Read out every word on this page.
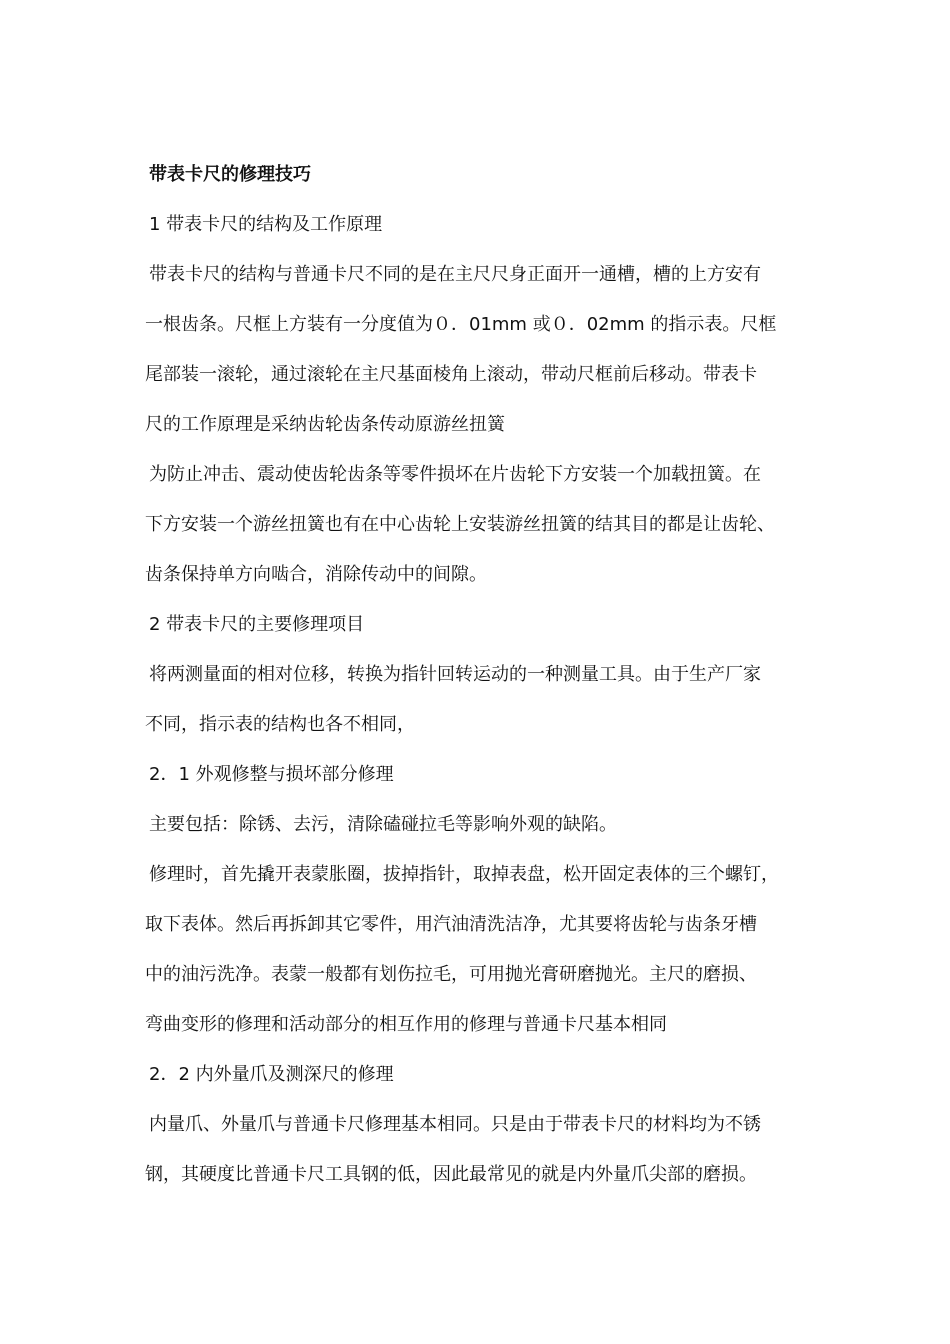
带表卡尺的修理技巧
1 带表卡尺的结构及工作原理
带表卡尺的结构与普通卡尺不同的是在主尺尺身正面开一通槽，槽的上方安有
一根齿条。尺框上方装有一分度值为０．01mm 或０．02mm 的指示表。尺框
尾部装一滚轮，通过滚轮在主尺基面棱角上滚动，带动尺框前后移动。带表卡
尺的工作原理是采纳齿轮齿条传动原游丝扭簧
为防止冲击、震动使齿轮齿条等零件损坏在片齿轮下方安装一个加载扭簧。在
下方安装一个游丝扭簧也有在中心齿轮上安装游丝扭簧的结其目的都是让齿轮、
齿条保持单方向啮合，消除传动中的间隙。
2 带表卡尺的主要修理项目
将两测量面的相对位移，转换为指针回转运动的一种测量工具。由于生产厂家
不同，指示表的结构也各不相同，
2．1 外观修整与损坏部分修理
主要包括：除锈、去污，清除磕碰拉毛等影响外观的缺陷。
修理时，首先撬开表蒙胀圈，拔掉指针，取掉表盘，松开固定表体的三个螺钉，
取下表体。然后再拆卸其它零件，用汽油清洗洁净，尤其要将齿轮与齿条牙槽
中的油污洗净。表蒙一般都有划伤拉毛，可用抛光膏研磨抛光。主尺的磨损、
弯曲变形的修理和活动部分的相互作用的修理与普通卡尺基本相同
2．2 内外量爪及测深尺的修理
内量爪、外量爪与普通卡尺修理基本相同。只是由于带表卡尺的材料均为不锈
钢，其硬度比普通卡尺工具钢的低，因此最常见的就是内外量爪尖部的磨损。
